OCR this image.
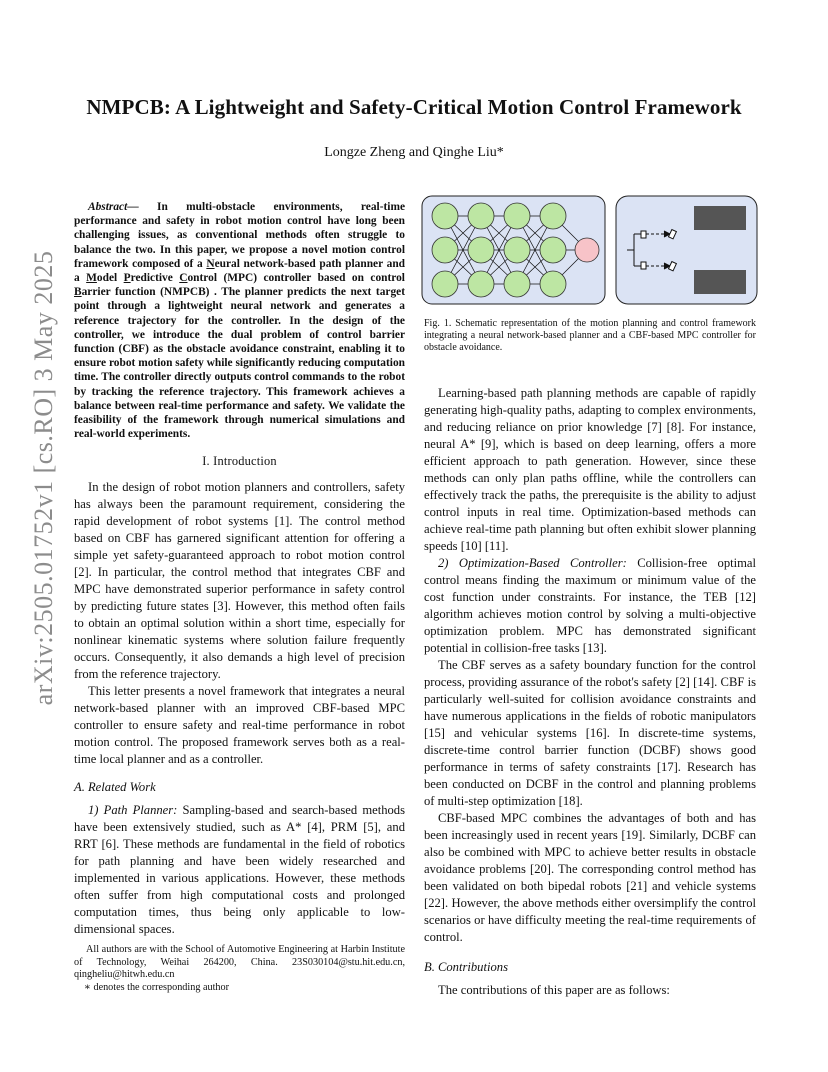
NMPCB: A Lightweight and Safety-Critical Motion Control Framework
Longze Zheng and Qinghe Liu*
arXiv:2505.01752v1 [cs.RO] 3 May 2025
Abstract— In multi-obstacle environments, real-time performance and safety in robot motion control have long been challenging issues, as conventional methods often struggle to balance the two. In this paper, we propose a novel motion control framework composed of a Neural network-based path planner and a Model Predictive Control (MPC) controller based on control Barrier function (NMPCB) . The planner predicts the next target point through a lightweight neural network and generates a reference trajectory for the controller. In the design of the controller, we introduce the dual problem of control barrier function (CBF) as the obstacle avoidance constraint, enabling it to ensure robot motion safety while significantly reducing computation time. The controller directly outputs control commands to the robot by tracking the reference trajectory. This framework achieves a balance between real-time performance and safety. We validate the feasibility of the framework through numerical simulations and real-world experiments.
I. Introduction

In the design of robot motion planners and controllers, safety has always been the paramount requirement, considering the rapid development of robot systems [1]. The control method based on CBF has garnered significant attention for offering a simple yet safety-guaranteed approach to robot motion control [2]. In particular, the control method that integrates CBF and MPC have demonstrated superior performance in safety control by predicting future states [3]. However, this method often fails to obtain an optimal solution within a short time, especially for nonlinear kinematic systems where solution failure frequently occurs. Consequently, it also demands a high level of precision from the reference trajectory.

This letter presents a novel framework that integrates a neural network-based planner with an improved CBF-based MPC controller to ensure safety and real-time performance in robot motion control. The proposed framework serves both as a real-time local planner and as a controller.

A. Related Work

1) Path Planner: Sampling-based and search-based methods have been extensively studied, such as A* [4], PRM [5], and RRT [6]. These methods are fundamental in the field of robotics for path planning and have been widely researched and implemented in various applications. However, these methods often suffer from high computational costs and prolonged computation times, thus being only applicable to low-dimensional spaces.

All authors are with the School of Automotive Engineering at Harbin Institute of Technology, Weihai 264200, China. 23S030104@stu.hit.edu.cn, qingheliu@hitwh.edu.cn

∗ denotes the corresponding author

Fig. 1. Schematic representation of the motion planning and control framework integrating a neural network-based planner and a CBF-based MPC controller for obstacle avoidance.

Learning-based path planning methods are capable of rapidly generating high-quality paths, adapting to complex environments, and reducing reliance on prior knowledge [7] [8]. For instance, neural A* [9], which is based on deep learning, offers a more efficient approach to path generation. However, since these methods can only plan paths offline, while the controllers can effectively track the paths, the prerequisite is the ability to adjust control inputs in real time. Optimization-based methods can achieve real-time path planning but often exhibit slower planning speeds [10] [11].

2) Optimization-Based Controller: Collision-free optimal control means finding the maximum or minimum value of the cost function under constraints. For instance, the TEB [12] algorithm achieves motion control by solving a multi-objective optimization problem. MPC has demonstrated significant potential in collision-free tasks [13].

The CBF serves as a safety boundary function for the control process, providing assurance of the robot's safety [2] [14]. CBF is particularly well-suited for collision avoidance constraints and have numerous applications in the fields of robotic manipulators [15] and vehicular systems [16]. In discrete-time systems, discrete-time control barrier function (DCBF) shows good performance in terms of safety constraints [17]. Research has been conducted on DCBF in the control and planning problems of multi-step optimization [18].

CBF-based MPC combines the advantages of both and has been increasingly used in recent years [19]. Similarly, DCBF can also be combined with MPC to achieve better results in obstacle avoidance problems [20]. The corresponding control method has been validated on both bipedal robots [21] and vehicle systems [22]. However, the above methods either oversimplify the control scenarios or have difficulty meeting the real-time requirements of control.

B. Contributions

The contributions of this paper are as follows:
